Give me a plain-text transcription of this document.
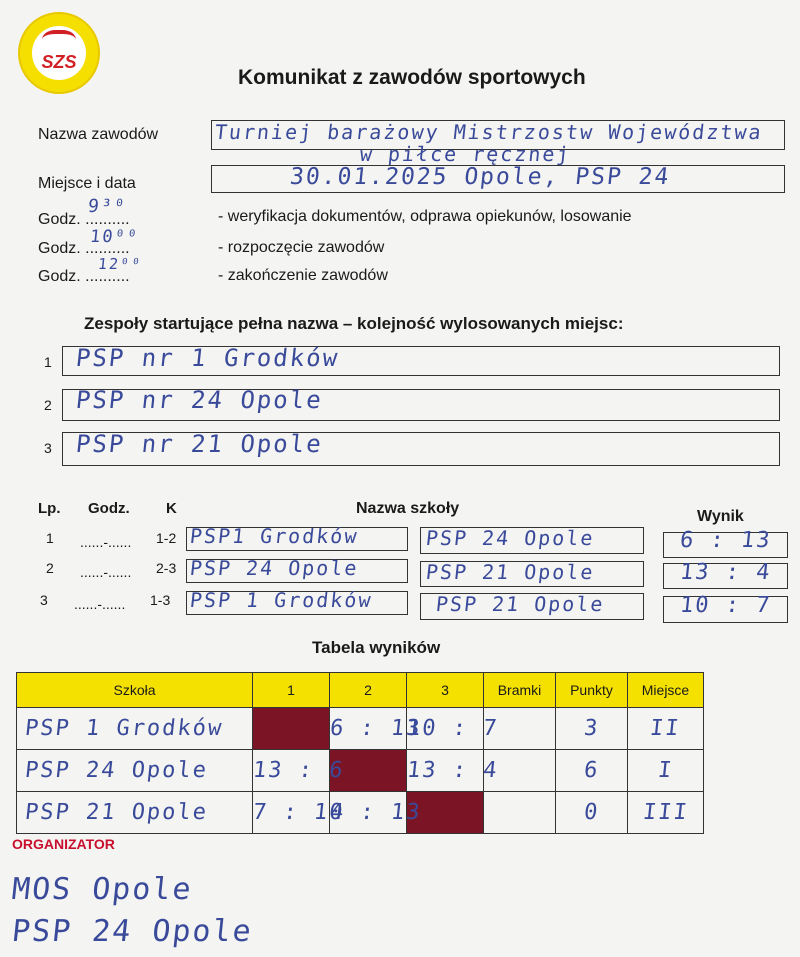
SZS
Komunikat z zawodów sportowych
Nazwa zawodów	Turniej barażowy Mistrzostw Województwa
w piłce ręcznej
Miejsce i data	30.01.2025 Opole, PSP 24
Godz. ..........
9³⁰	- weryfikacja dokumentów, odprawa opiekunów, losowanie
Godz. ..........
10⁰⁰
- rozpoczęcie zawodów
Godz. ..........
12⁰⁰
- zakończenie zawodów
Zespoły startujące pełna nazwa – kolejność wylosowanych miejsc:
1 PSP nr 1 Grodków
2 PSP nr 24 Opole
3 PSP nr 21 Opole
Lp. Godz. K	Nazwa szkoły	Wynik
1 ......-...... 1-2 PSP1 Grodków	PSP 24 Opole	6 : 13
2 ......-...... 2-3 PSP 24 Opole	PSP 21 Opole	13 : 4
3 ......-...... 1-3 PSP 1 Grodków	PSP 21 Opole	10 : 7
Tabela wyników
Szkoła	1	2	3	Bramki	Punkty	Miejsce
PSP 1 Grodków		6 : 13	10 : 7		3	II
PSP 24 Opole	13 : 6		13 : 4		6	I
PSP 21 Opole	7 : 10	4 : 13			0	III
ORGANIZATOR
MOS Opole
PSP 24 Opole
